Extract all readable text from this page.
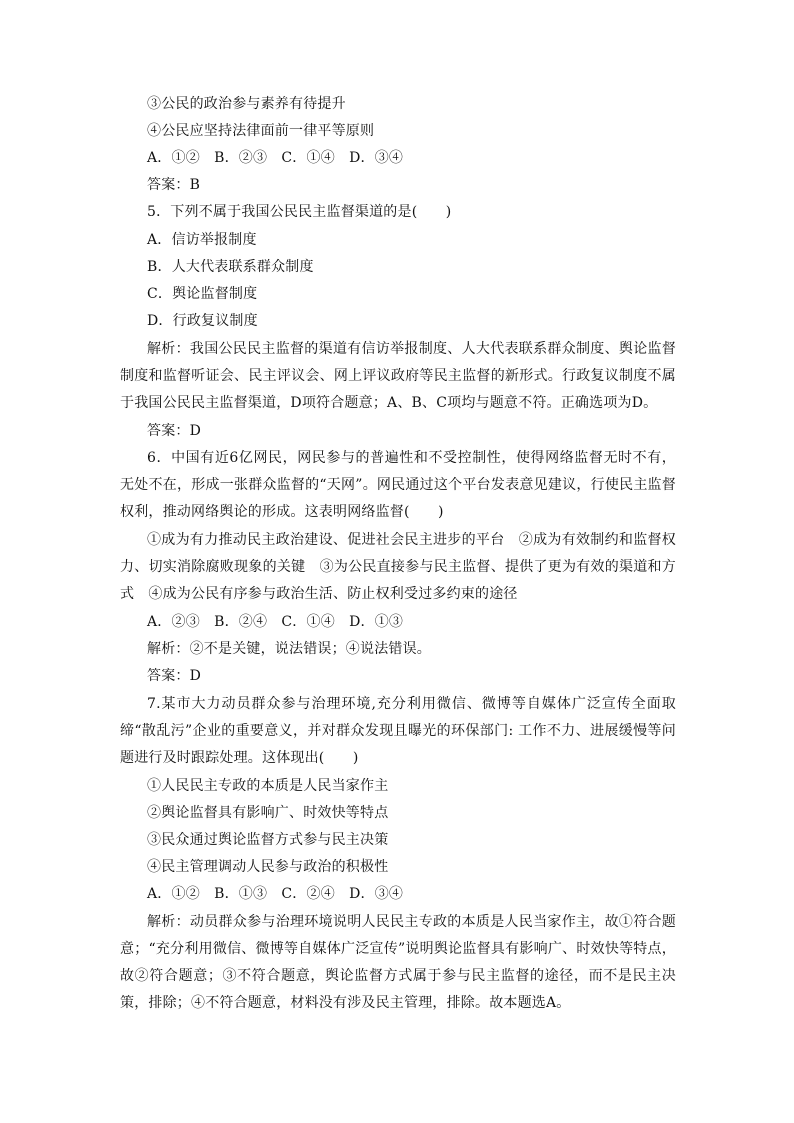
③公民的政治参与素养有待提升
④公民应坚持法律面前一律平等原则
A．①②　B．②③　C．①④　D．③④
答案：B
5．下列不属于我国公民民主监督渠道的是(　　)
A．信访举报制度
B．人大代表联系群众制度
C．舆论监督制度
D．行政复议制度
解析：我国公民民主监督的渠道有信访举报制度、人大代表联系群众制度、舆论监督制度和监督听证会、民主评议会、网上评议政府等民主监督的新形式。行政复议制度不属于我国公民民主监督渠道，D项符合题意；A、B、C项均与题意不符。正确选项为D。
答案：D
6．中国有近6亿网民，网民参与的普遍性和不受控制性，使得网络监督无时不有，无处不在，形成一张群众监督的“天网”。网民通过这个平台发表意见建议，行使民主监督权利，推动网络舆论的形成。这表明网络监督(　　)
①成为有力推动民主政治建设、促进社会民主进步的平台　②成为有效制约和监督权力、切实消除腐败现象的关键　③为公民直接参与民主监督、提供了更为有效的渠道和方式　④成为公民有序参与政治生活、防止权利受过多约束的途径
A．②③　B．②④　C．①④　D．①③
解析：②不是关键，说法错误；④说法错误。
答案：D
7.某市大力动员群众参与治理环境,充分利用微信、微博等自媒体广泛宣传全面取缔“散乱污”企业的重要意义，并对群众发现且曝光的环保部门: 工作不力、进展缓慢等问题进行及时跟踪处理。这体现出(　　)
①人民民主专政的本质是人民当家作主
②舆论监督具有影响广、时效快等特点
③民众通过舆论监督方式参与民主决策
④民主管理调动人民参与政治的积极性
A．①②　B．①③　C．②④　D．③④
解析：动员群众参与治理环境说明人民民主专政的本质是人民当家作主，故①符合题意；“充分利用微信、微博等自媒体广泛宣传”说明舆论监督具有影响广、时效快等特点，故②符合题意；③不符合题意，舆论监督方式属于参与民主监督的途径，而不是民主决策，排除；④不符合题意，材料没有涉及民主管理，排除。故本题选A。
